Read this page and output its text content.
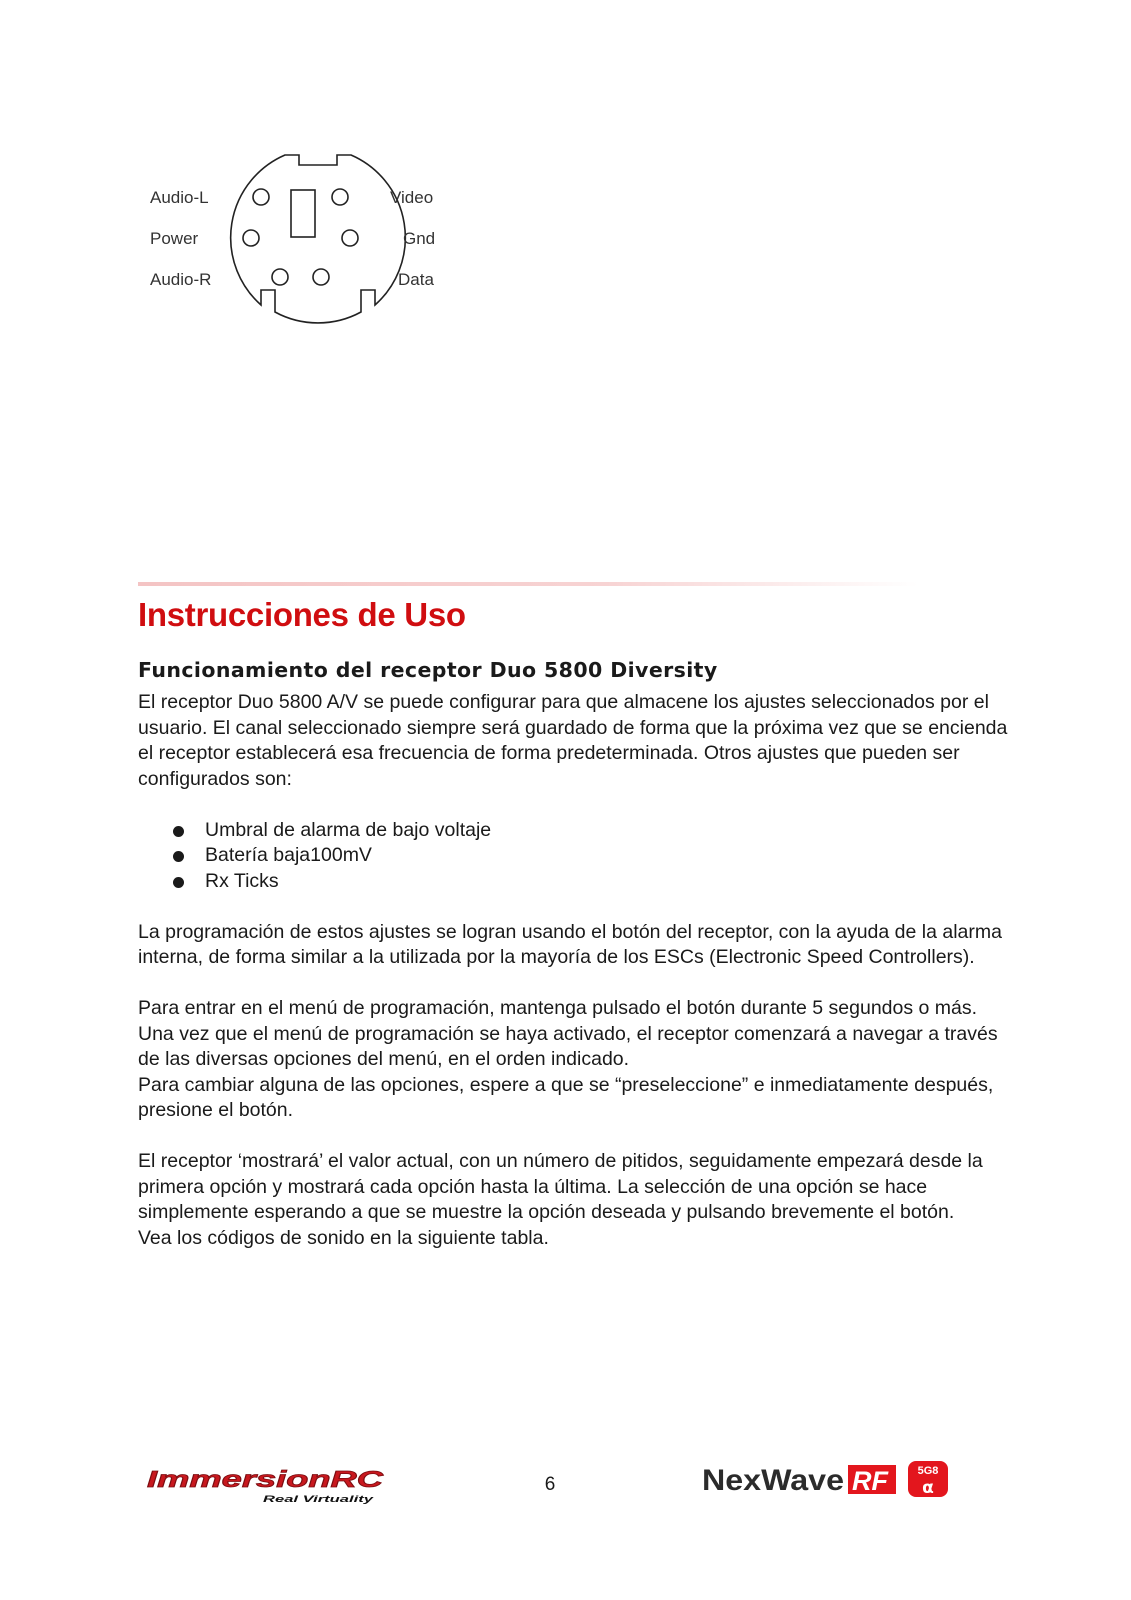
Audio-L
Power
Audio-R
Video
Gnd
Data
Instrucciones de Uso
Funcionamiento del receptor Duo 5800 Diversity

El receptor Duo 5800 A/V se puede configurar para que almacene los ajustes seleccionados por el usuario. El canal seleccionado siempre será guardado de forma que la próxima vez que se encienda el receptor establecerá esa frecuencia de forma predeterminada. Otros ajustes que pueden ser configurados son:

Umbral de alarma de bajo voltaje
Batería baja100mV
Rx Ticks

La programación de estos ajustes se logran usando el botón del receptor, con la ayuda de la alarma interna, de forma similar a la utilizada por la mayoría de los ESCs (Electronic Speed Controllers).

Para entrar en el menú de programación, mantenga pulsado el botón durante 5 segundos o más. Una vez que el menú de programación se haya activado, el receptor comenzará a navegar a través de las diversas opciones del menú, en el orden indicado.

Para cambiar alguna de las opciones, espere a que se “preseleccione” e inmediatamente después, presione el botón.

El receptor ‘mostrará’ el valor actual, con un número de pitidos, seguidamente empezará desde la primera opción y mostrará cada opción hasta la última. La selección de una opción se hace simplemente esperando a que se muestre la opción deseada y pulsando brevemente el botón.

Vea los códigos de sonido en la siguiente tabla.

ImmersionRC
Real Virtuality
6	NexWave RF	5G8
α
